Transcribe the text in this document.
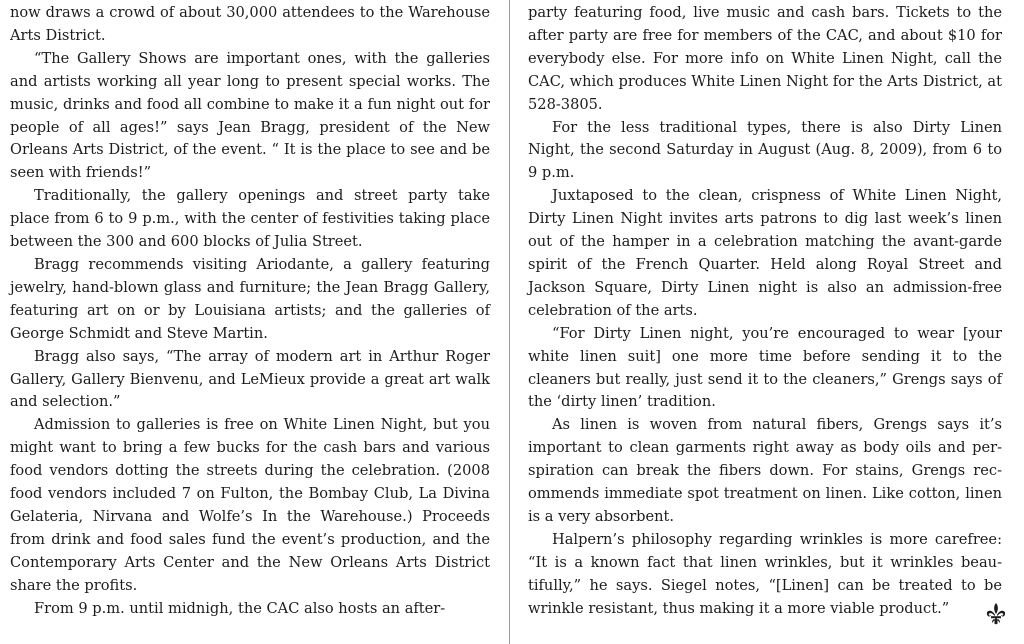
now draws a crowd of about 30,000 attendees to the Warehouse Arts District.

“The Gallery Shows are important ones, with the galleries and artists working all year long to present special works. The music, drinks and food all combine to make it a fun night out for people of all ages!” says Jean Bragg, president of the New Orleans Arts District, of the event. “ It is the place to see and be seen with friends!”

Traditionally, the gallery openings and street party take place from 6 to 9 p.m., with the center of festivities taking place between the 300 and 600 blocks of Julia Street.

Bragg recommends visiting Ariodante, a gallery featuring jewelry, hand-blown glass and furniture; the Jean Bragg Gallery, featuring art on or by Louisiana artists; and the galleries of George Schmidt and Steve Martin.

Bragg also says, “The array of modern art in Arthur Roger Gallery, Gallery Bienvenu, and LeMieux provide a great art walk and selection.”

Admission to galleries is free on White Linen Night, but you might want to bring a few bucks for the cash bars and various food vendors dotting the streets during the celebration. (2008 food vendors included 7 on Fulton, the Bombay Club, La Divina Gelateria, Nirvana and Wolfe’s In the Warehouse.) Proceeds from drink and food sales fund the event’s production, and the Contemporary Arts Center and the New Orleans Arts District share the profits.

From 9 p.m. until midnigh, the CAC also hosts an after-

party featuring food, live music and cash bars. Tickets to the after party are free for members of the CAC, and about $10 for everybody else. For more info on White Linen Night, call the CAC, which produces White Linen Night for the Arts District, at 528-3805.

For the less traditional types, there is also Dirty Linen Night, the second Saturday in August (Aug. 8, 2009), from 6 to 9 p.m.

Juxtaposed to the clean, crispness of White Linen Night, Dirty Linen Night invites arts patrons to dig last week’s linen out of the hamper in a celebration matching the avant-garde spirit of the French Quarter. Held along Royal Street and Jackson Square, Dirty Linen night is also an admission-free celebration of the arts.

“For Dirty Linen night, you’re encouraged to wear [your white linen suit] one more time before sending it to the cleaners but really, just send it to the cleaners,” Grengs says of the ‘dirty linen’ tradition.

As linen is woven from natural fibers, Grengs says it’s important to clean garments right away as body oils and perspiration can break the fibers down. For stains, Grengs recommends immediate spot treatment on linen. Like cotton, linen is a very absorbent.

Halpern’s philosophy regarding wrinkles is more carefree: “It is a known fact that linen wrinkles, but it wrinkles beautifully,” he says. Siegel notes, “[Linen] can be treated to be wrinkle resistant, thus making it a more viable product.”
